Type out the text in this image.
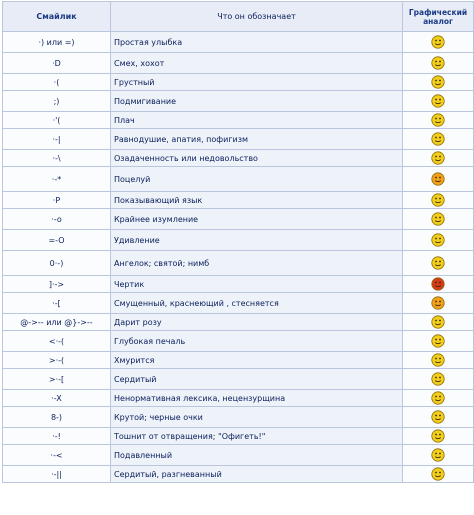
Смайлик	Что он обозначает	Графический аналог
·) или =)	Простая улыбка	

·D	Смех, хохот	

·(	Грустный	

;)	Подмигивание	

·'(	Плач	

·-|	Равнодушие, апатия, пофигизм	

·-\	Озадаченность или недовольство	

·-*	Поцелуй	

·P	Показывающий язык	

·-o	Крайнее изумление	

=-O	Удивление	

0·-)	Ангелок; святой; нимб	

]·->	Чертик	

·-[	Смущенный, краснеющий , стесняется	

@->-- или @}->--	Дарит розу	

<·-(	Глубокая печаль	

>·-(	Хмурится	

>·-[	Сердитый	

·-X	Ненормативная лексика, нецензурщина	

8-)	Крутой; черные очки	

·-!	Тошнит от отвращения; "Офигеть!"	

·-<	Подавленный	

·-||	Сердитый, разгневанный	
